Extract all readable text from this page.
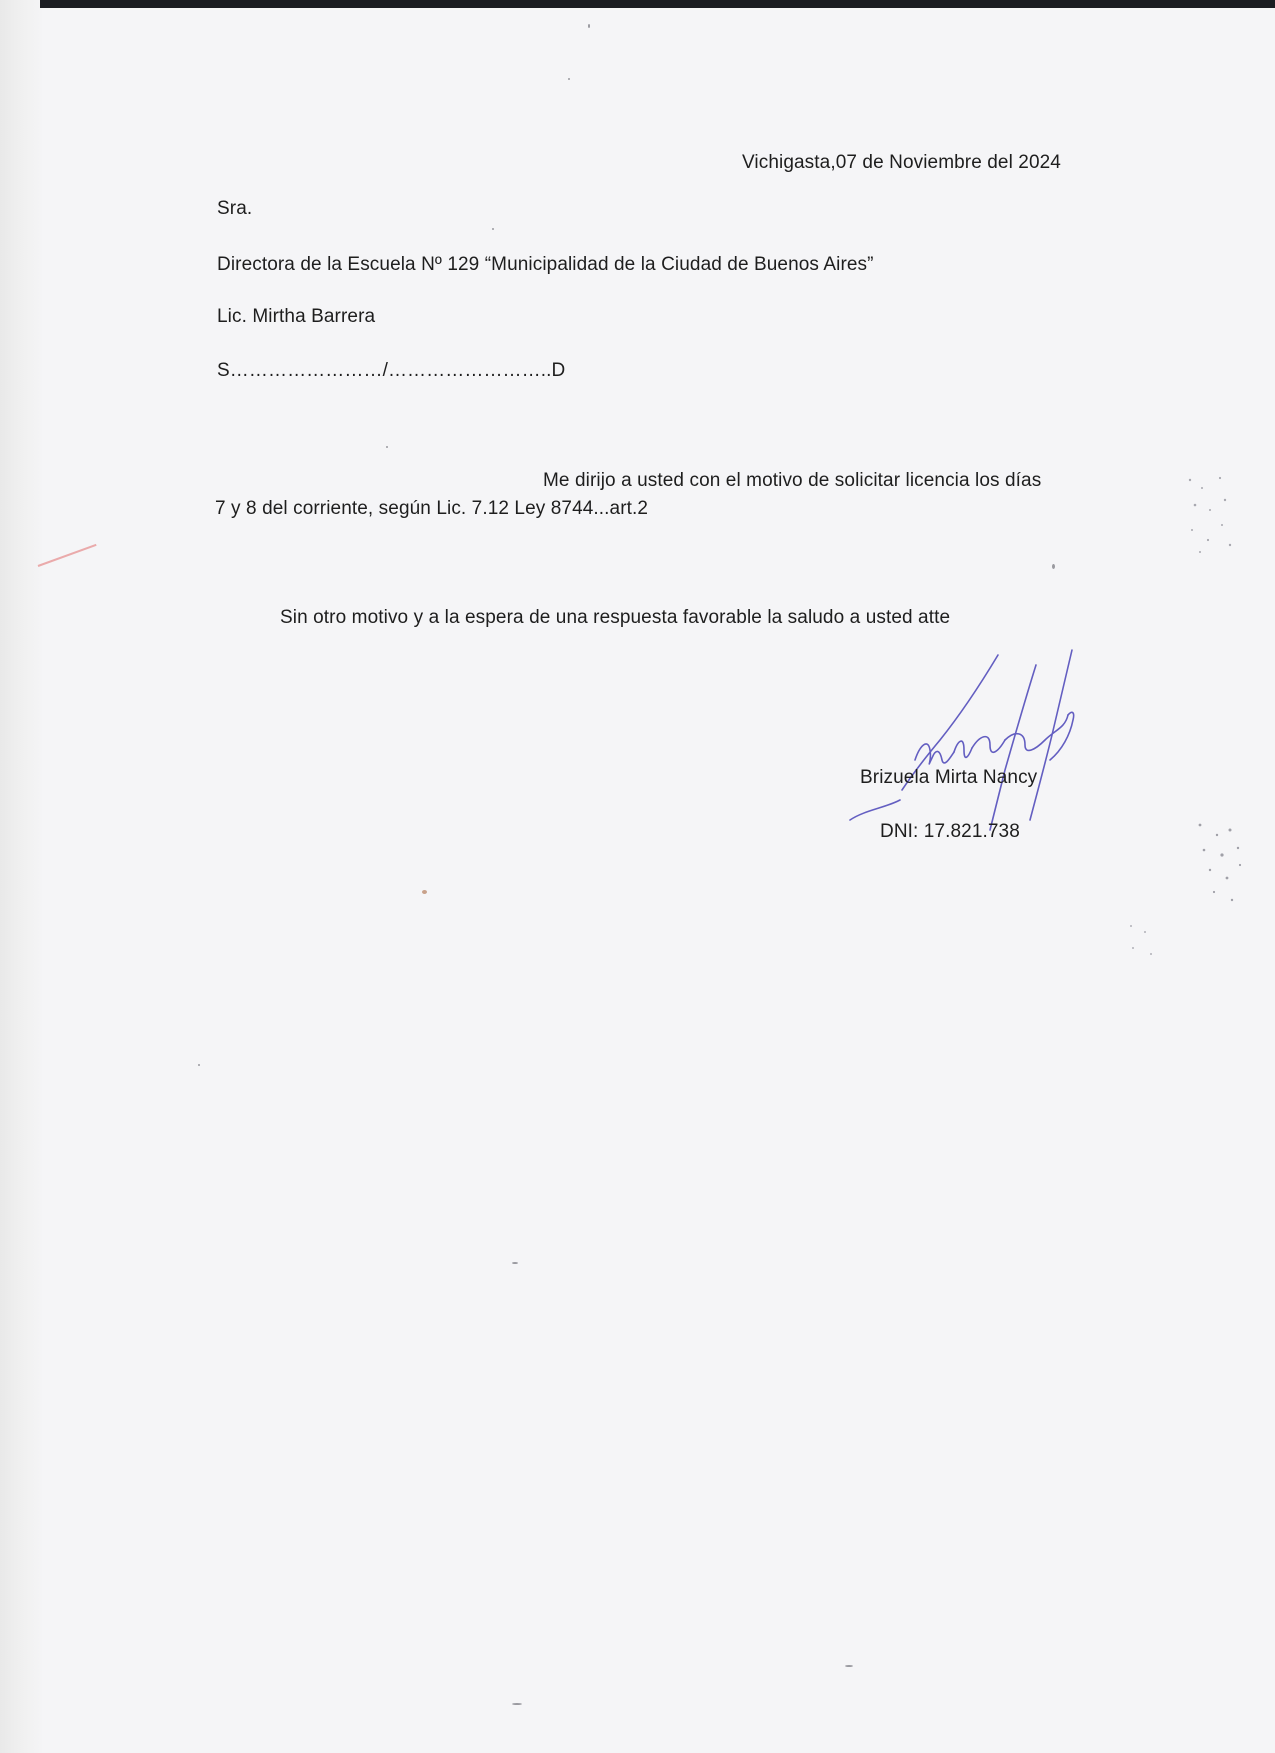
Vichigasta,07 de Noviembre del 2024
Sra.
Directora de la Escuela Nº 129 “Municipalidad de la Ciudad de Buenos Aires”
Lic. Mirtha Barrera
S……………………/……………………..D
Me dirijo a usted con el motivo de solicitar licencia los días
7 y 8 del corriente, según Lic. 7.12 Ley 8744...art.2
Sin otro motivo y a la espera de una respuesta favorable la saludo a usted atte
Brizuela Mirta Nancy
DNI: 17.821.738
